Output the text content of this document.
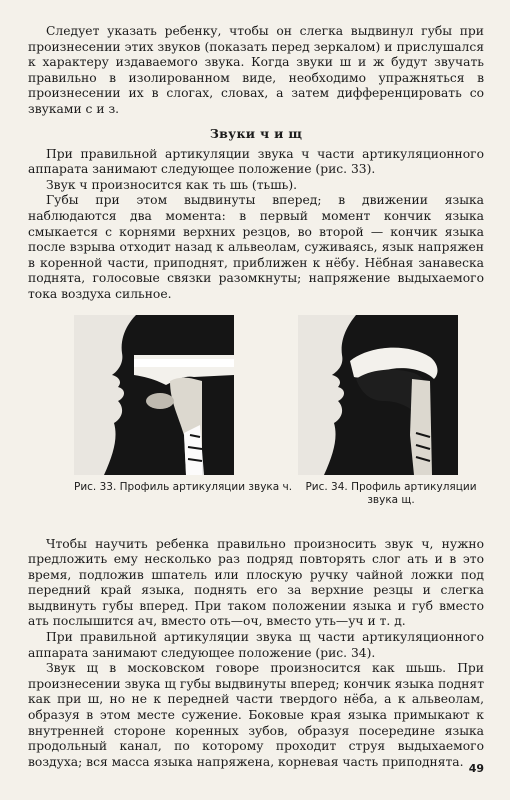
Следует указать ребенку, чтобы он слегка выдвинул губы при произнесении этих звуков (показать перед зеркалом) и прислушался к характеру издаваемого звука. Когда звуки ш и ж будут звучать правильно в изолированном виде, необходимо упражняться в произнесении их в слогах, словах, а затем дифференцировать со звуками с и з.

Звуки ч и щ

При правильной артикуляции звука ч части артикуляционного аппарата занимают следующее положение (рис. 33).

Звук ч произносится как ть шь (тьшь).

Губы при этом выдвинуты вперед; в движении языка наблюдаются два момента: в первый момент кончик языка смыкается с корнями верхних резцов, во второй — кончик языка после взрыва отходит назад к альвеолам, суживаясь, язык напряжен в коренной части, приподнят, приближен к нёбу. Нёбная занавеска поднята, голосовые связки разомкнуты; напряжение выдыхаемого тока воздуха сильное.

Рис. 33. Профиль артикуляции звука ч.	Рис. 34. Профиль артикуляции звука щ.

Чтобы научить ребенка правильно произносить звук ч, нужно предложить ему несколько раз подряд повторять слог ать и в это время, подложив шпатель или плоскую ручку чайной ложки под передний край языка, поднять его за верхние резцы и слегка выдвинуть губы вперед. При таком положении языка и губ вместо ать послышится ач, вместо оть—оч, вместо уть—уч и т. д.

При правильной артикуляции звука щ части артикуляционного аппарата занимают следующее положение (рис. 34).

Звук щ в московском говоре произносится как шьшь. При произнесении звука щ губы выдвинуты вперед; кончик языка поднят как при ш, но не к передней части твердого нёба, а к альвеолам, образуя в этом месте сужение. Боковые края языка примыкают к внутренней стороне коренных зубов, образуя посередине языка продольный канал, по которому проходит струя выдыхаемого воздуха; вся масса языка напряжена, корневая часть приподнята. 49
